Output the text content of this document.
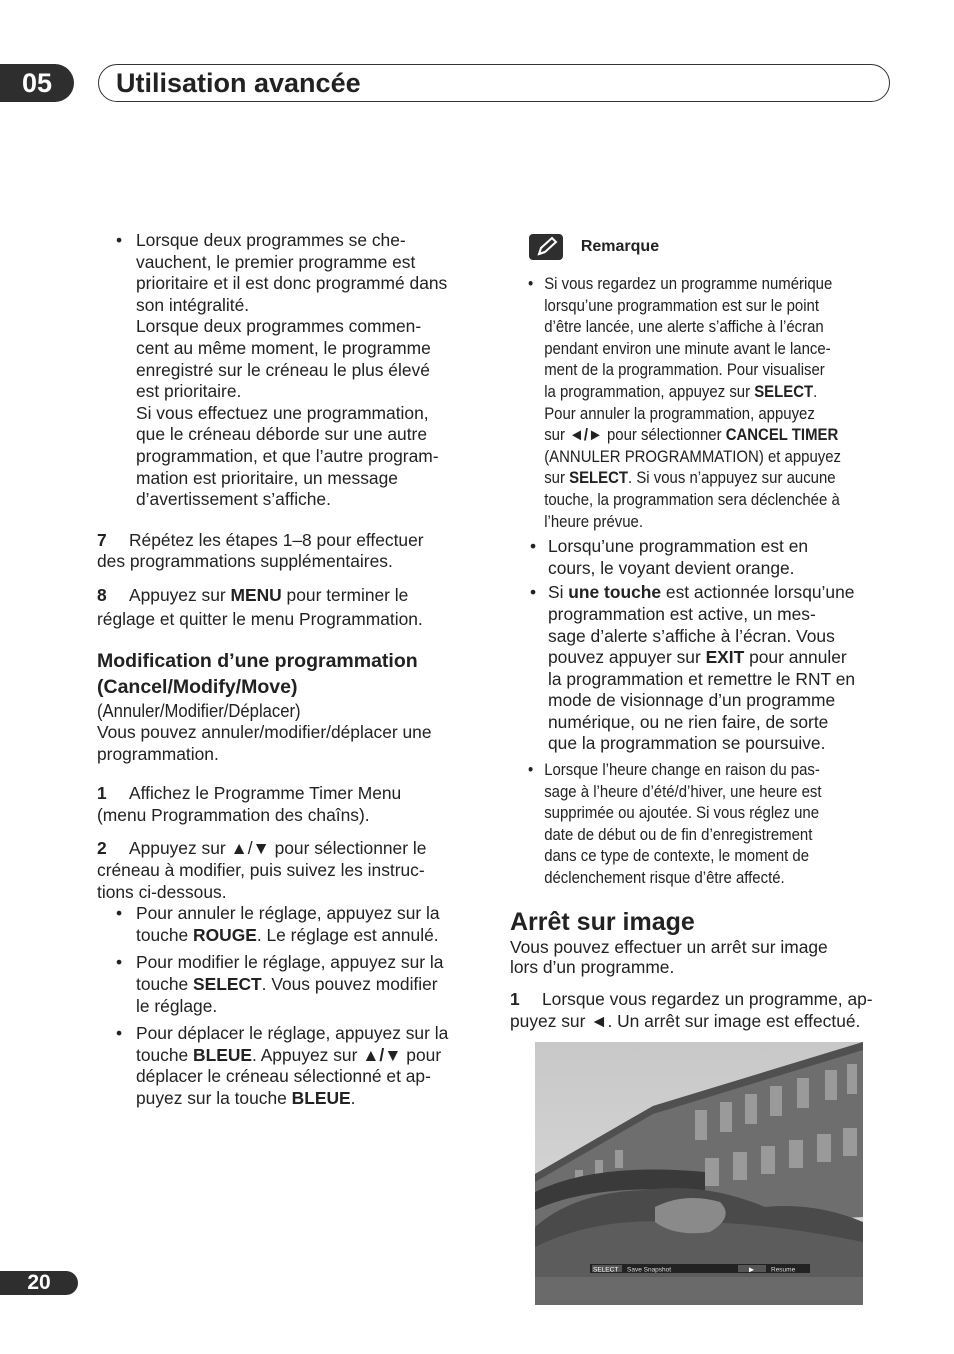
05	Utilisation avancée

• Lorsque deux programmes se che-

vauchent, le premier programme est

prioritaire et il est donc programmé dans

son intégralité.

Lorsque deux programmes commen-

cent au même moment, le programme

enregistré sur le créneau le plus élevé

est prioritaire.

Si vous effectuez une programmation,

que le créneau déborde sur une autre

programmation, et que l’autre program-

mation est prioritaire, un message

d’avertissement s’affiche.

7 Répétez les étapes 1–8 pour effectuer

des programmations supplémentaires.

8 Appuyez sur MENU pour terminer le

réglage et quitter le menu Programmation.

Modification d’une programmation
(Cancel/Modify/Move)

(Annuler/Modifier/Déplacer)

Vous pouvez annuler/modifier/déplacer une

programmation.

1 Affichez le Programme Timer Menu

(menu Programmation des chaîns).

2 Appuyez sur ▲/▼ pour sélectionner le

créneau à modifier, puis suivez les instruc-

tions ci-dessous.

• Pour annuler le réglage, appuyez sur la

touche ROUGE. Le réglage est annulé.

• Pour modifier le réglage, appuyez sur la

touche SELECT. Vous pouvez modifier

le réglage.

• Pour déplacer le réglage, appuyez sur la

touche BLEUE. Appuyez sur ▲/▼ pour

déplacer le créneau sélectionné et ap-

puyez sur la touche BLEUE.

Remarque

• Si vous regardez un programme numérique

lorsqu’une programmation est sur le point

d’être lancée, une alerte s’affiche à l’écran

pendant environ une minute avant le lance-

ment de la programmation. Pour visualiser

la programmation, appuyez sur SELECT.

Pour annuler la programmation, appuyez

sur ◄/► pour sélectionner CANCEL TIMER

(ANNULER PROGRAMMATION) et appuyez

sur SELECT. Si vous n’appuyez sur aucune

touche, la programmation sera déclenchée à

l’heure prévue.

• Lorsqu’une programmation est en

cours, le voyant devient orange.

• Si une touche est actionnée lorsqu’une

programmation est active, un mes-

sage d’alerte s’affiche à l’écran. Vous

pouvez appuyer sur EXIT pour annuler

la programmation et remettre le RNT en

mode de visionnage d’un programme

numérique, ou ne rien faire, de sorte

que la programmation se poursuive.

• Lorsque l’heure change en raison du pas-

sage à l’heure d’été/d’hiver, une heure est

supprimée ou ajoutée. Si vous réglez une

date de début ou de fin d’enregistrement

dans ce type de contexte, le moment de

déclenchement risque d’être affecté.

Arrêt sur image

Vous pouvez effectuer un arrêt sur image

lors d’un programme.

1 Lorsque vous regardez un programme, ap-

puyez sur ◄. Un arrêt sur image est effectué.

SELECT Save Snapshot	▶	Resume
20
